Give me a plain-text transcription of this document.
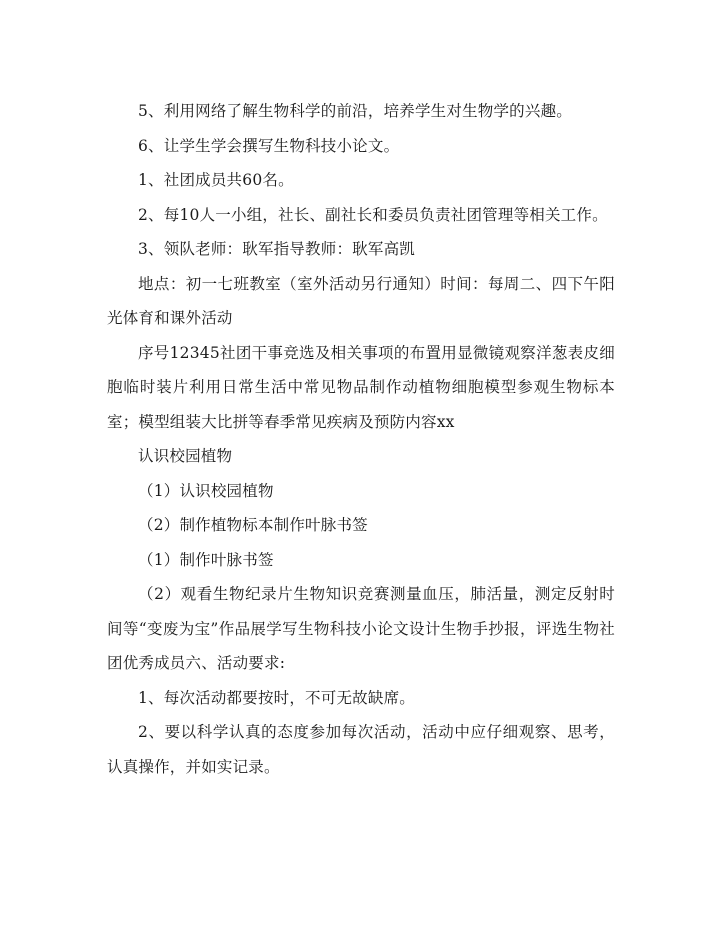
5、利用网络了解生物科学的前沿，培养学生对生物学的兴趣。

6、让学生学会撰写生物科技小论文。

1、社团成员共60名。

2、每10人一小组，社长、副社长和委员负责社团管理等相关工作。

3、领队老师：耿军指导教师：耿军高凯

地点：初一七班教室（室外活动另行通知）时间：每周二、四下午阳光体育和课外活动

序号12345社团干事竞选及相关事项的布置用显微镜观察洋葱表皮细胞临时装片利用日常生活中常见物品制作动植物细胞模型参观生物标本室；模型组装大比拼等春季常见疾病及预防内容xx

认识校园植物

（1）认识校园植物

（2）制作植物标本制作叶脉书签

（1）制作叶脉书签

（2）观看生物纪录片生物知识竞赛测量血压，肺活量，测定反射时间等“变废为宝”作品展学写生物科技小论文设计生物手抄报，评选生物社团优秀成员六、活动要求:

1、每次活动都要按时，不可无故缺席。

2、要以科学认真的态度参加每次活动，活动中应仔细观察、思考，认真操作，并如实记录。
